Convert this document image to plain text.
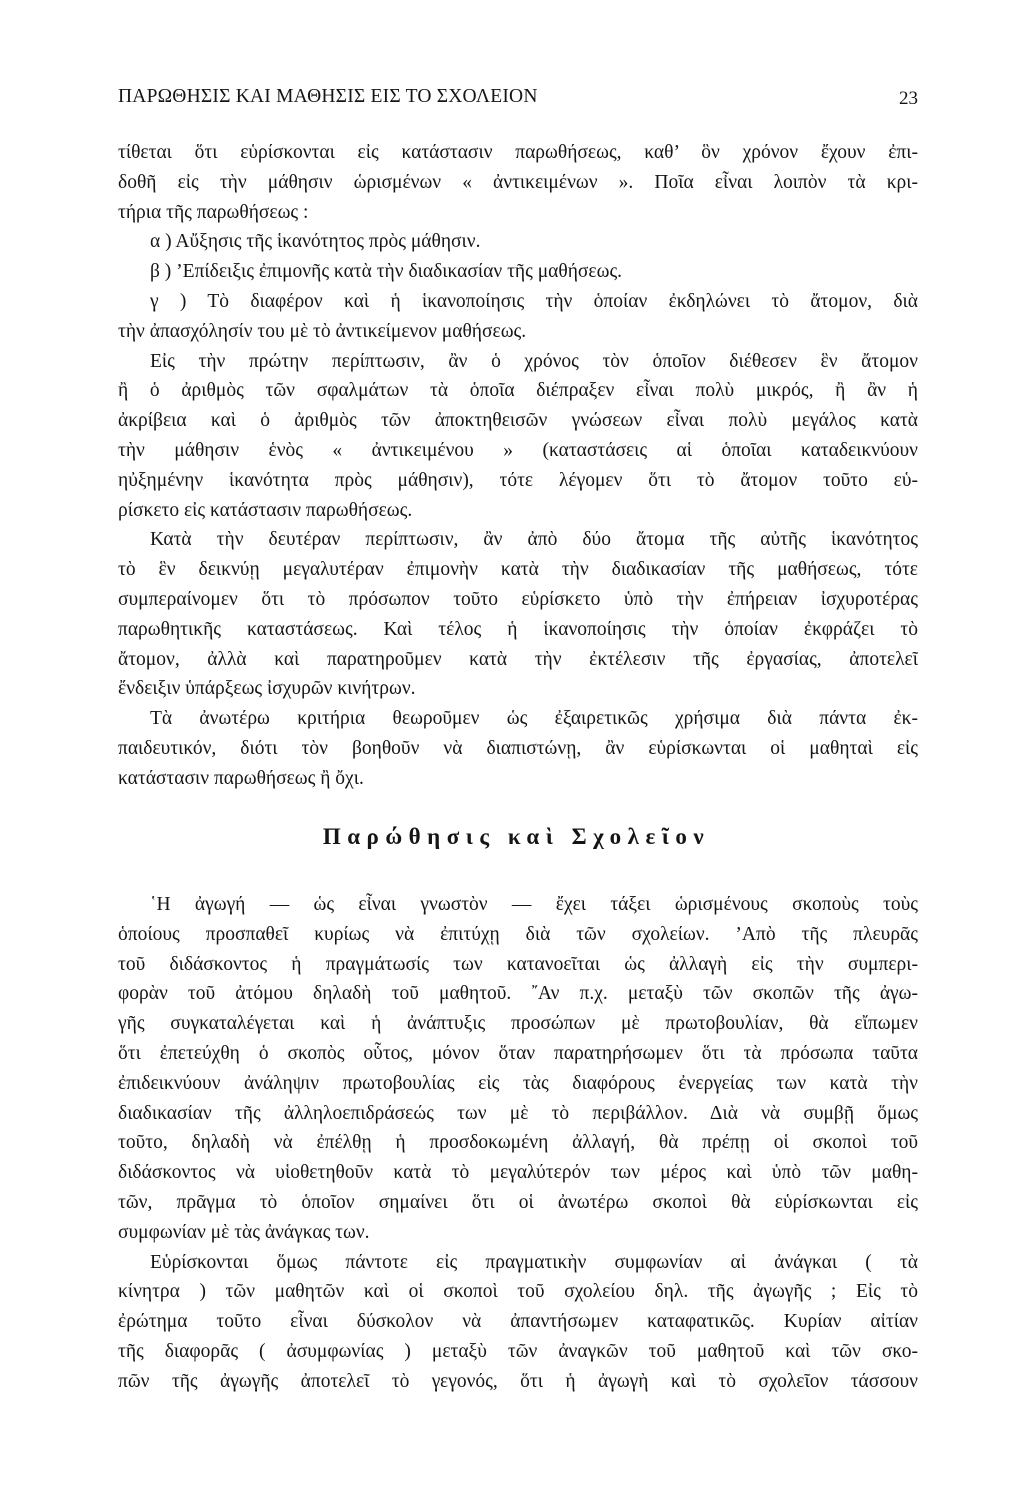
ΠΑΡΩΘΗΣΙΣ ΚΑΙ ΜΑΘΗΣΙΣ ΕΙΣ ΤΟ ΣΧΟΛΕΙΟΝ	23
τίθεται ὅτι εὑρίσκονται εἰς κατάστασιν παρωθήσεως, καθ’ ὃν χρόνον ἔχουν ἐπι-
δοθῆ εἰς τὴν μάθησιν ὡρισμένων « ἀντικειμένων ». Ποῖα εἶναι λοιπὸν τὰ κρι-
τήρια τῆς παρωθήσεως :
α ) Αὔξησις τῆς ἱκανότητος πρὸς μάθησιν.
β ) ’Επίδειξις ἐπιμονῆς κατὰ τὴν διαδικασίαν τῆς μαθήσεως.
γ ) Τὸ διαφέρον καὶ ἡ ἱκανοποίησις τὴν ὁποίαν ἐκδηλώνει τὸ ἄτομον, διὰ
τὴν ἀπασχόλησίν του μὲ τὸ ἀντικείμενον μαθήσεως.
Εἰς τὴν πρώτην περίπτωσιν, ἂν ὁ χρόνος τὸν ὁποῖον διέθεσεν ἓν ἄτομον
ἢ ὁ ἀριθμὸς τῶν σφαλμάτων τὰ ὁποῖα διέπραξεν εἶναι πολὺ μικρός, ἢ ἂν ἡ
ἀκρίβεια καὶ ὁ ἀριθμὸς τῶν ἀποκτηθεισῶν γνώσεων εἶναι πολὺ μεγάλος κατὰ
τὴν μάθησιν ἑνὸς « ἀντικειμένου » (καταστάσεις αἱ ὁποῖαι καταδεικνύουν
ηὐξημένην ἱκανότητα πρὸς μάθησιν), τότε λέγομεν ὅτι τὸ ἄτομον τοῦτο εὑ-
ρίσκετο εἰς κατάστασιν παρωθήσεως.
Κατὰ τὴν δευτέραν περίπτωσιν, ἂν ἀπὸ δύο ἄτομα τῆς αὐτῆς ἱκανότητος
τὸ ἓν δεικνύῃ μεγαλυτέραν ἐπιμονὴν κατὰ τὴν διαδικασίαν τῆς μαθήσεως, τότε
συμπεραίνομεν ὅτι τὸ πρόσωπον τοῦτο εὑρίσκετο ὑπὸ τὴν ἐπήρειαν ἰσχυροτέρας
παρωθητικῆς καταστάσεως. Καὶ τέλος ἡ ἱκανοποίησις τὴν ὁποίαν ἐκφράζει τὸ
ἄτομον, ἀλλὰ καὶ παρατηροῦμεν κατὰ τὴν ἐκτέλεσιν τῆς ἐργασίας, ἀποτελεῖ
ἔνδειξιν ὑπάρξεως ἰσχυρῶν κινήτρων.
Τὰ ἀνωτέρω κριτήρια θεωροῦμεν ὡς ἐξαιρετικῶς χρήσιμα διὰ πάντα ἐκ-
παιδευτικόν, διότι τὸν βοηθοῦν νὰ διαπιστώνῃ, ἂν εὑρίσκωνται οἱ μαθηταὶ εἰς
κατάστασιν παρωθήσεως ἢ ὄχι.
Παρώθησις καὶ Σχολεῖον
῾Η ἀγωγή — ὡς εἶναι γνωστὸν — ἔχει τάξει ὡρισμένους σκοποὺς τοὺς
ὁποίους προσπαθεῖ κυρίως νὰ ἐπιτύχῃ διὰ τῶν σχολείων. ’Απὸ τῆς πλευρᾶς
τοῦ διδάσκοντος ἡ πραγμάτωσίς των κατανοεῖται ὡς ἀλλαγὴ εἰς τὴν συμπερι-
φορὰν τοῦ ἀτόμου δηλαδὴ τοῦ μαθητοῦ. ῎Αν π.χ. μεταξὺ τῶν σκοπῶν τῆς ἀγω-
γῆς συγκαταλέγεται καὶ ἡ ἀνάπτυξις προσώπων μὲ πρωτοβουλίαν, θὰ εἴπωμεν
ὅτι ἐπετεύχθη ὁ σκοπὸς οὗτος, μόνον ὅταν παρατηρήσωμεν ὅτι τὰ πρόσωπα ταῦτα
ἐπιδεικνύουν ἀνάληψιν πρωτοβουλίας εἰς τὰς διαφόρους ἐνεργείας των κατὰ τὴν
διαδικασίαν τῆς ἀλληλοεπιδράσεώς των μὲ τὸ περιβάλλον. Διὰ νὰ συμβῇ ὅμως
τοῦτο, δηλαδὴ νὰ ἐπέλθῃ ἡ προσδοκωμένη ἀλλαγή, θὰ πρέπῃ οἱ σκοποὶ τοῦ
διδάσκοντος νὰ υἱοθετηθοῦν κατὰ τὸ μεγαλύτερόν των μέρος καὶ ὑπὸ τῶν μαθη-
τῶν, πρᾶγμα τὸ ὁποῖον σημαίνει ὅτι οἱ ἀνωτέρω σκοποὶ θὰ εὑρίσκωνται εἰς
συμφωνίαν μὲ τὰς ἀνάγκας των.
Εὑρίσκονται ὅμως πάντοτε εἰς πραγματικὴν συμφωνίαν αἱ ἀνάγκαι ( τὰ
κίνητρα ) τῶν μαθητῶν καὶ οἱ σκοποὶ τοῦ σχολείου δηλ. τῆς ἀγωγῆς ; Εἰς τὸ
ἐρώτημα τοῦτο εἶναι δύσκολον νὰ ἀπαντήσωμεν καταφατικῶς. Κυρίαν αἰτίαν
τῆς διαφορᾶς ( ἀσυμφωνίας ) μεταξὺ τῶν ἀναγκῶν τοῦ μαθητοῦ καὶ τῶν σκο-
πῶν τῆς ἀγωγῆς ἀποτελεῖ τὸ γεγονός, ὅτι ἡ ἀγωγὴ καὶ τὸ σχολεῖον τάσσουν
